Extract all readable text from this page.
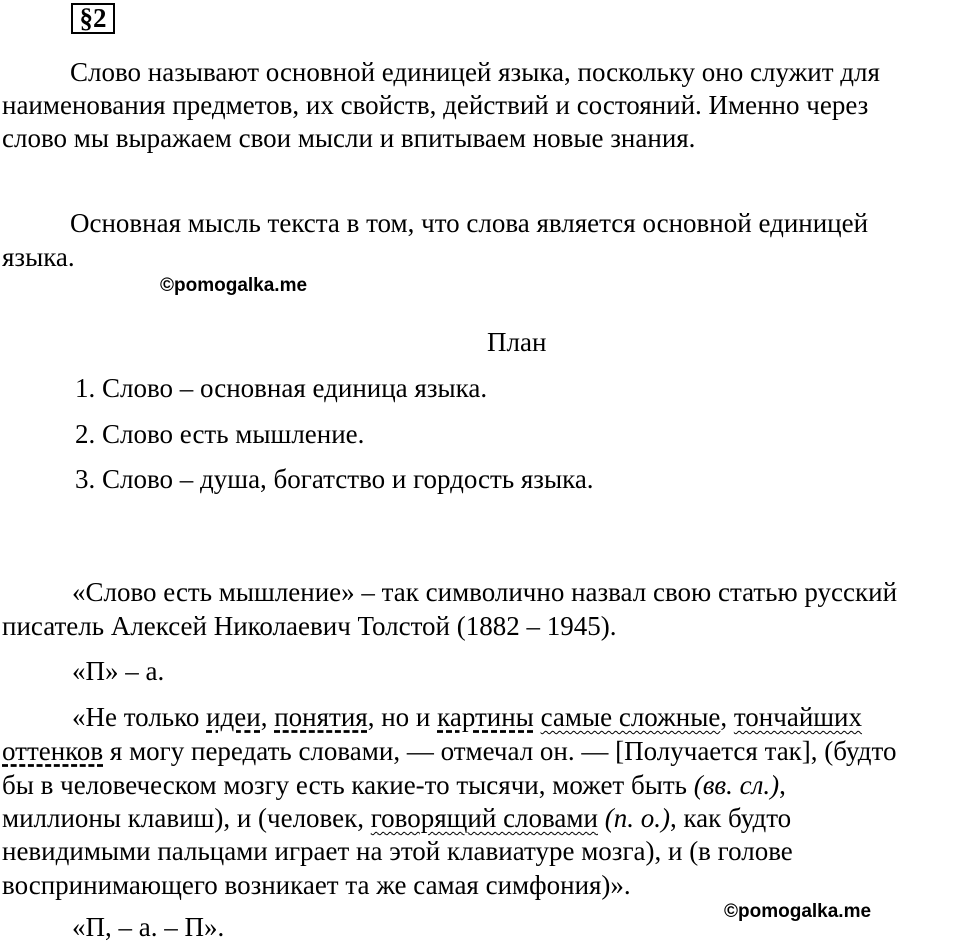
§2
Слово называют основной единицей языка, поскольку оно служит для
наименования предметов, их свойств, действий и состояний. Именно через
слово мы выражаем свои мысли и впитываем новые знания.
Основная мысль текста в том, что слова является основной единицей
языка.
©pomogalka.me
План
1. Слово – основная единица языка.
2. Слово есть мышление.
3. Слово – душа, богатство и гордость языка.
«Слово есть мышление» – так символично назвал свою статью русский
писатель Алексей Николаевич Толстой (1882 – 1945).
«П» – а.
«Не только идеи, понятия, но и картины самые сложные, тончайших
оттенков я могу передать словами, — отмечал он. — [Получается так], (будто
бы в человеческом мозгу есть какие-то тысячи, может быть (вв. сл.),
миллионы клавиш), и (человек, говорящий словами (п. о.), как будто
невидимыми пальцами играет на этой клавиатуре мозга), и (в голове
воспринимающего возникает та же самая симфония)».
«П, – а. – П».
©pomogalka.me
